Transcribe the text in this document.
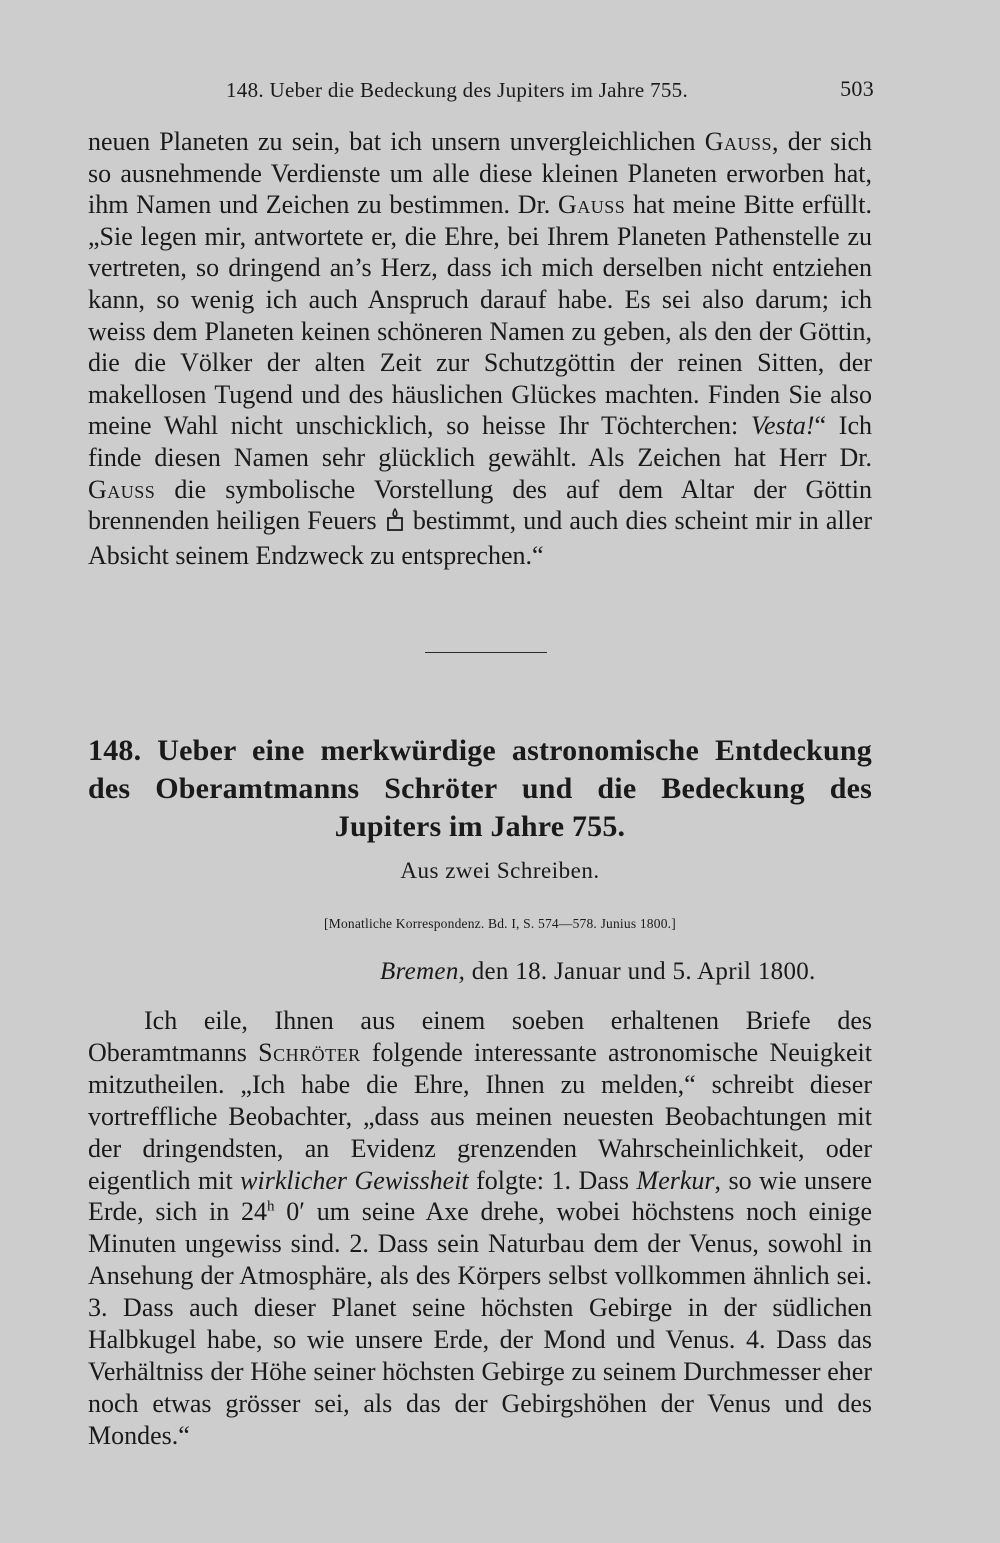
148. Ueber die Bedeckung des Jupiters im Jahre 755.	503

neuen Planeten zu sein, bat ich unsern unvergleichlichen Gauss, der sich so ausnehmende Verdienste um alle diese kleinen Planeten erworben hat, ihm Namen und Zeichen zu bestimmen. Dr. Gauss hat meine Bitte erfüllt. „Sie legen mir, antwortete er, die Ehre, bei Ihrem Planeten Pathenstelle zu vertreten, so dringend an’s Herz, dass ich mich derselben nicht entziehen kann, so wenig ich auch Anspruch darauf habe. Es sei also darum; ich weiss dem Planeten keinen schöneren Namen zu geben, als den der Göttin, die die Völker der alten Zeit zur Schutzgöttin der reinen Sitten, der makellosen Tugend und des häuslichen Glückes machten. Finden Sie also meine Wahl nicht unschicklich, so heisse Ihr Töchterchen: Vesta!“ Ich finde diesen Namen sehr glücklich gewählt. Als Zeichen hat Herr Dr. Gauss die symbolische Vorstellung des auf dem Altar der Göttin brennenden heiligen Feuers bestimmt, und auch dies scheint mir in aller Absicht seinem Endzweck zu entsprechen.“

148. Ueber eine merkwürdige astronomische Entdeckung des Oberamtmanns Schröter und die Bedeckung des Jupiters im Jahre 755.
Aus zwei Schreiben.
[Monatliche Korrespondenz. Bd. I, S. 574—578. Junius 1800.]
Bremen, den 18. Januar und 5. April 1800.

Ich eile, Ihnen aus einem soeben erhaltenen Briefe des Oberamtmanns Schröter folgende interessante astronomische Neuigkeit mitzutheilen. „Ich habe die Ehre, Ihnen zu melden,“ schreibt dieser vortreffliche Beobachter, „dass aus meinen neuesten Beobachtungen mit der dringendsten, an Evidenz grenzenden Wahrscheinlichkeit, oder eigentlich mit wirklicher Gewissheit folgte: 1. Dass Merkur, so wie unsere Erde, sich in 24$^h$ 0′ um seine Axe drehe, wobei höchstens noch einige Minuten ungewiss sind. 2. Dass sein Naturbau dem der Venus, sowohl in Ansehung der Atmosphäre, als des Körpers selbst vollkommen ähnlich sei. 3. Dass auch dieser Planet seine höchsten Gebirge in der südlichen Halbkugel habe, so wie unsere Erde, der Mond und Venus. 4. Dass das Verhältniss der Höhe seiner höchsten Gebirge zu seinem Durchmesser eher noch etwas grösser sei, als das der Gebirgshöhen der Venus und des Mondes.“
